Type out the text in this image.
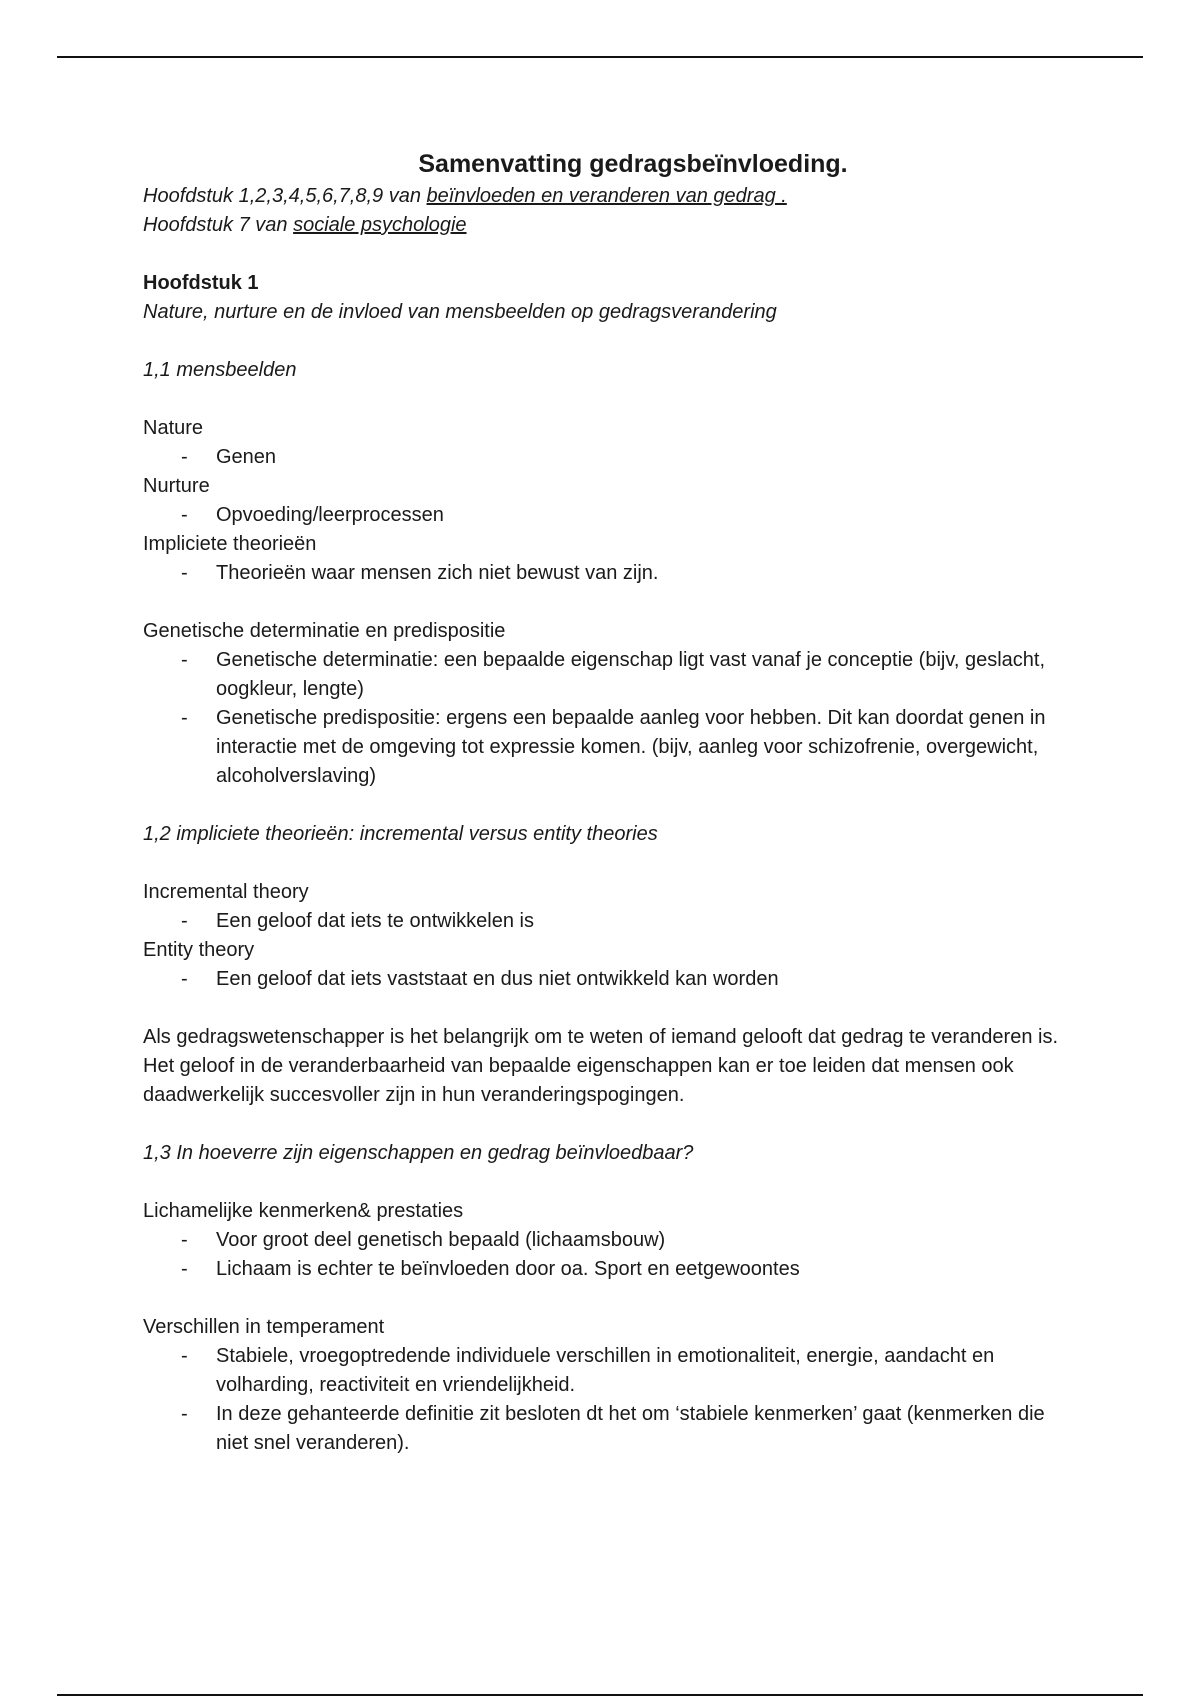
Samenvatting gedragsbeïnvloeding.

Hoofdstuk 1,2,3,4,5,6,7,8,9 van beïnvloeden en veranderen van gedrag .

Hoofdstuk 7 van sociale psychologie

Hoofdstuk 1

Nature, nurture en de invloed van mensbeelden op gedragsverandering

1,1 mensbeelden

Nature

- Genen

Nurture

- Opvoeding/leerprocessen

Impliciete theorieën

- Theorieën waar mensen zich niet bewust van zijn.

Genetische determinatie en predispositie

- Genetische determinatie: een bepaalde eigenschap ligt vast vanaf je conceptie (bijv, geslacht, oogkleur, lengte)
- Genetische predispositie: ergens een bepaalde aanleg voor hebben. Dit kan doordat genen in interactie met de omgeving tot expressie komen. (bijv, aanleg voor schizofrenie, overgewicht, alcoholverslaving)

1,2 impliciete theorieën: incremental versus entity theories

Incremental theory

- Een geloof dat iets te ontwikkelen is

Entity theory

- Een geloof dat iets vaststaat en dus niet ontwikkeld kan worden

Als gedragswetenschapper is het belangrijk om te weten of iemand gelooft dat gedrag te veranderen is.

Het geloof in de veranderbaarheid van bepaalde eigenschappen kan er toe leiden dat mensen ook daadwerkelijk succesvoller zijn in hun veranderingspogingen.

1,3 In hoeverre zijn eigenschappen en gedrag beïnvloedbaar?

Lichamelijke kenmerken& prestaties

- Voor groot deel genetisch bepaald (lichaamsbouw)
- Lichaam is echter te beïnvloeden door oa. Sport en eetgewoontes

Verschillen in temperament

- Stabiele, vroegoptredende individuele verschillen in emotionaliteit, energie, aandacht en volharding, reactiviteit en vriendelijkheid.
- In deze gehanteerde definitie zit besloten dt het om ‘stabiele kenmerken’ gaat (kenmerken die niet snel veranderen).
